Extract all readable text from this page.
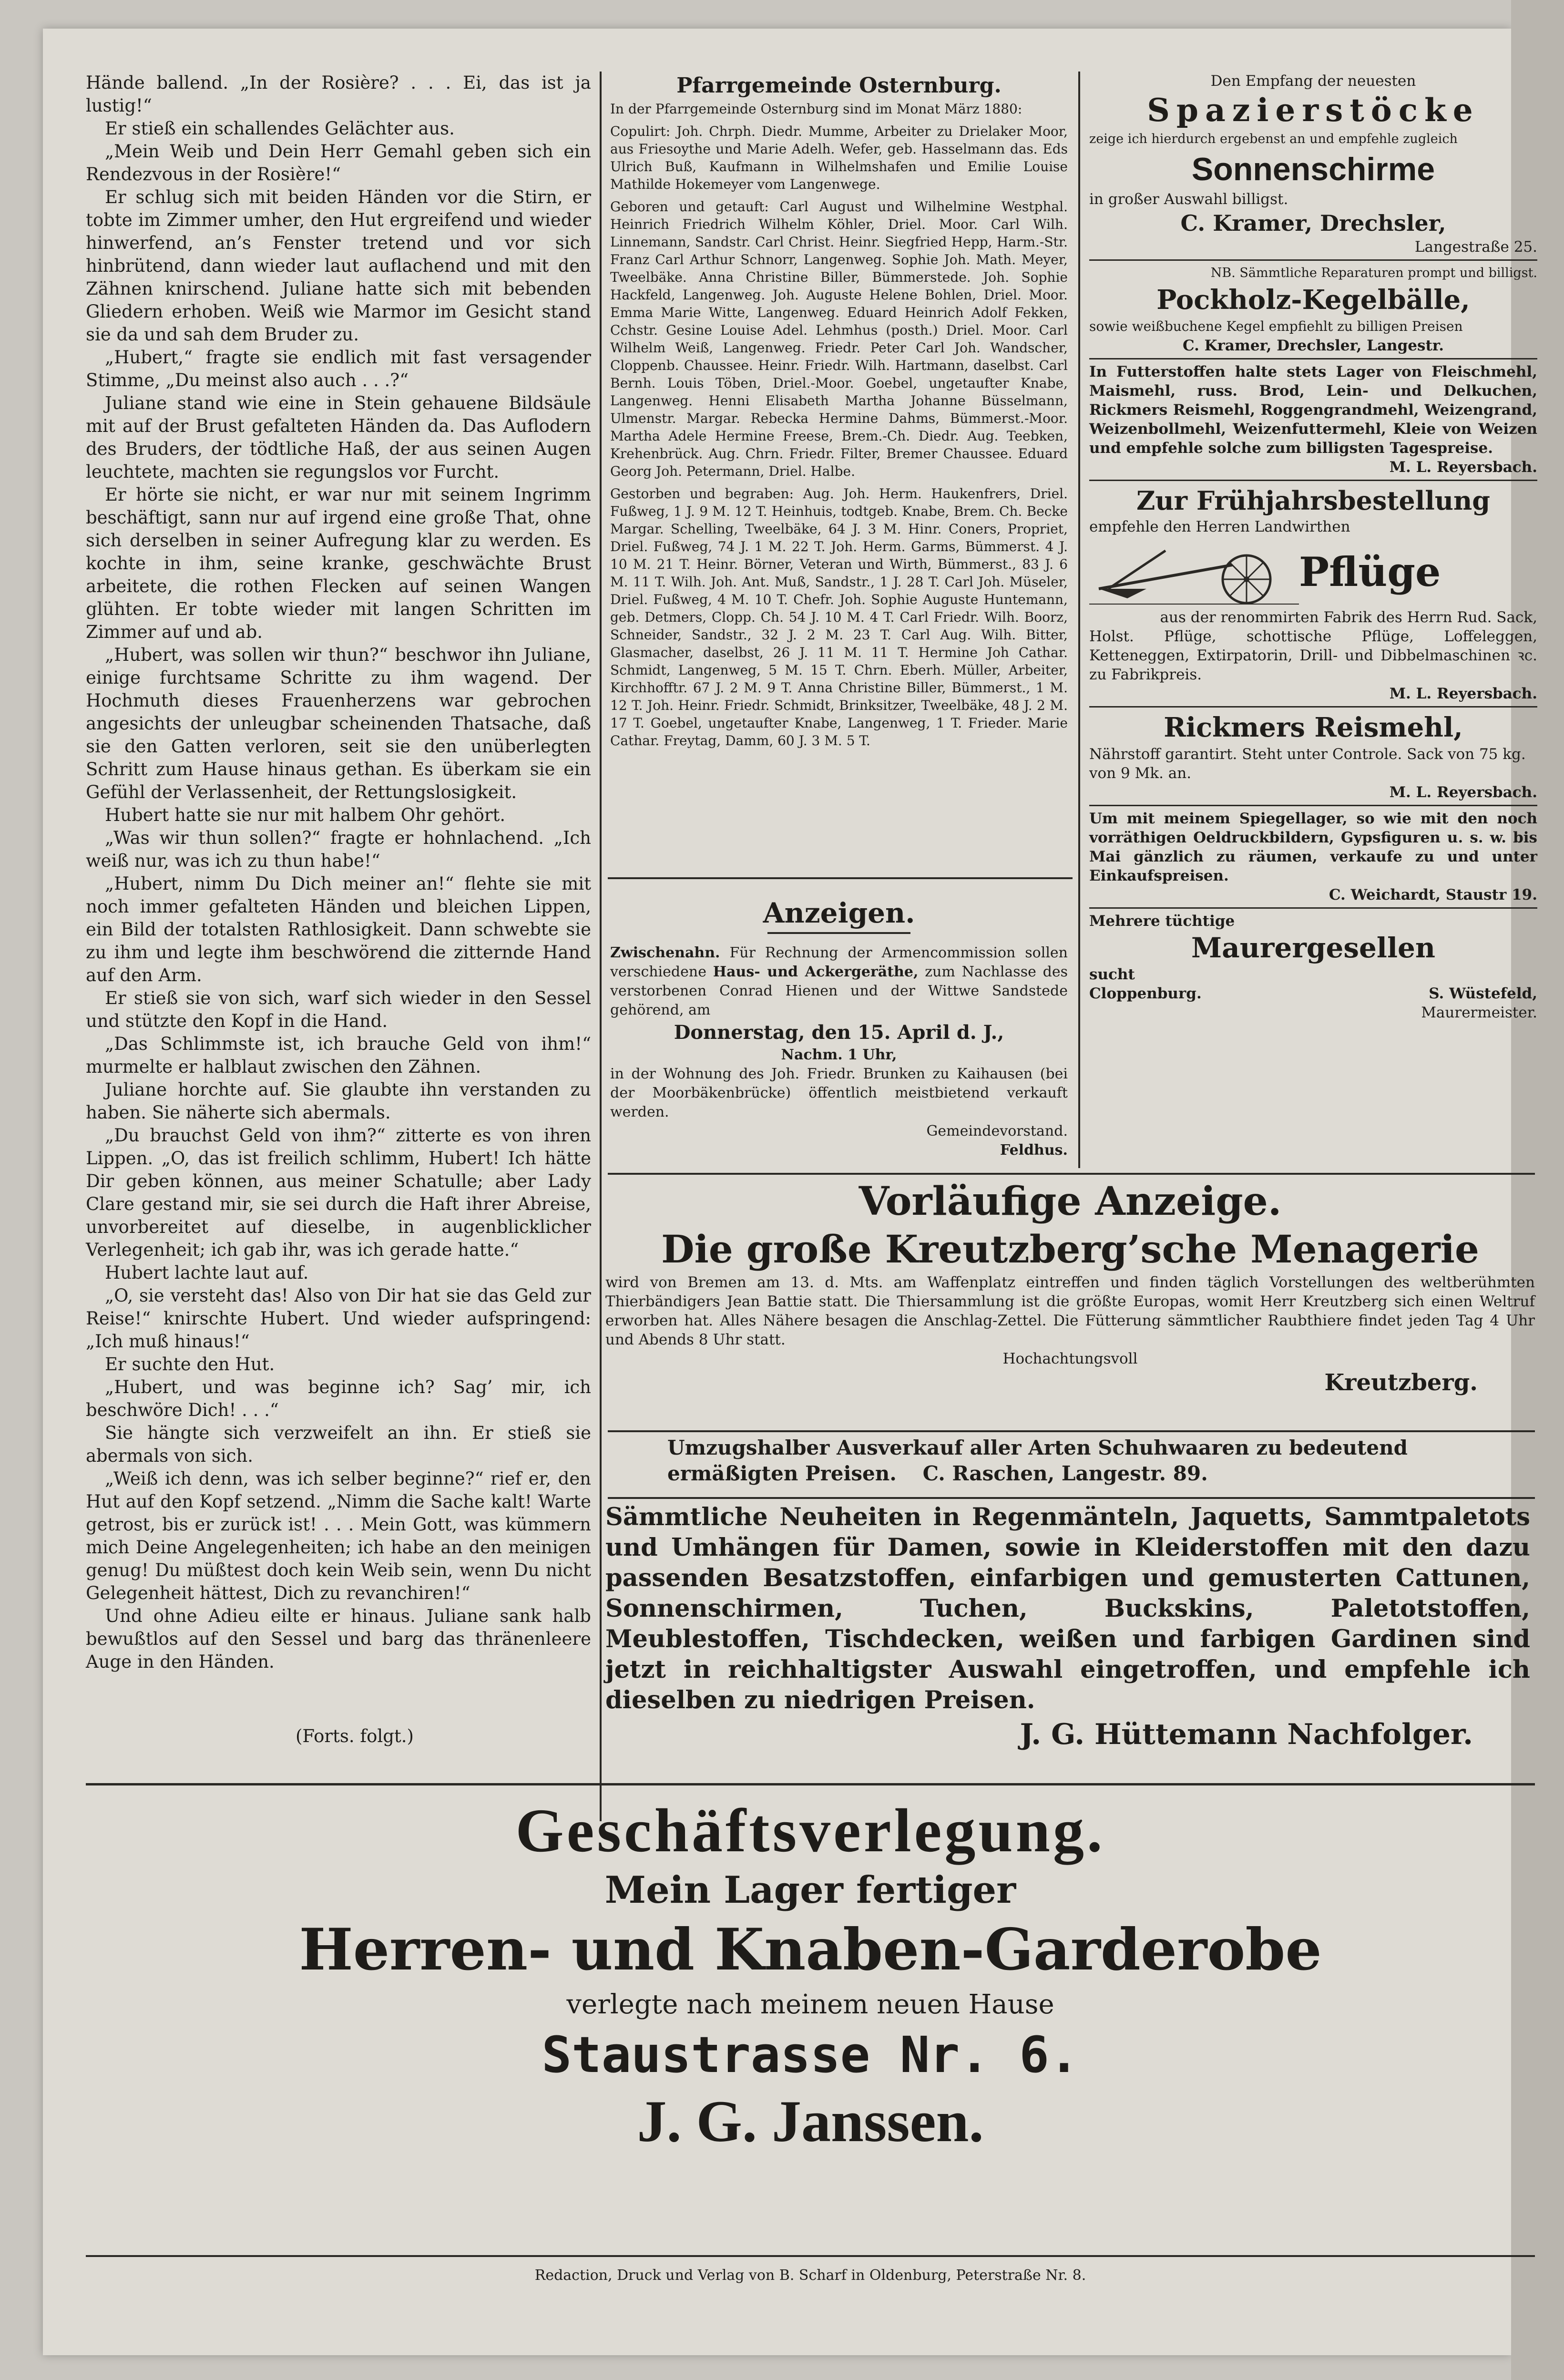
Hände ballend. „In der Rosière? . . . Ei, das ist ja lustig!“

Er stieß ein schallendes Gelächter aus.

„Mein Weib und Dein Herr Gemahl geben sich ein Rendezvous in der Rosière!“

Er schlug sich mit beiden Händen vor die Stirn, er tobte im Zimmer umher, den Hut ergreifend und wieder hinwerfend, an’s Fenster tretend und vor sich hinbrütend, dann wieder laut auflachend und mit den Zähnen knirschend. Juliane hatte sich mit bebenden Gliedern erhoben. Weiß wie Marmor im Gesicht stand sie da und sah dem Bruder zu.

„Hubert,“ fragte sie endlich mit fast versagender Stimme, „Du meinst also auch . . .?“

Juliane stand wie eine in Stein gehauene Bildsäule mit auf der Brust gefalteten Händen da. Das Auflodern des Bruders, der tödtliche Haß, der aus seinen Augen leuchtete, machten sie regungslos vor Furcht.

Er hörte sie nicht, er war nur mit seinem Ingrimm beschäftigt, sann nur auf irgend eine große That, ohne sich derselben in seiner Aufregung klar zu werden. Es kochte in ihm, seine kranke, geschwächte Brust arbeitete, die rothen Flecken auf seinen Wangen glühten. Er tobte wieder mit langen Schritten im Zimmer auf und ab.

„Hubert, was sollen wir thun?“ beschwor ihn Juliane, einige furchtsame Schritte zu ihm wagend. Der Hochmuth dieses Frauenherzens war gebrochen angesichts der unleugbar scheinenden Thatsache, daß sie den Gatten verloren, seit sie den unüberlegten Schritt zum Hause hinaus gethan. Es überkam sie ein Gefühl der Verlassenheit, der Rettungslosigkeit.

Hubert hatte sie nur mit halbem Ohr gehört.

„Was wir thun sollen?“ fragte er hohnlachend. „Ich weiß nur, was ich zu thun habe!“

„Hubert, nimm Du Dich meiner an!“ flehte sie mit noch immer gefalteten Händen und bleichen Lippen, ein Bild der totalsten Rathlosigkeit. Dann schwebte sie zu ihm und legte ihm beschwörend die zitternde Hand auf den Arm.

Er stieß sie von sich, warf sich wieder in den Sessel und stützte den Kopf in die Hand.

„Das Schlimmste ist, ich brauche Geld von ihm!“ murmelte er halblaut zwischen den Zähnen.

Juliane horchte auf. Sie glaubte ihn verstanden zu haben. Sie näherte sich abermals.

„Du brauchst Geld von ihm?“ zitterte es von ihren Lippen. „O, das ist freilich schlimm, Hubert! Ich hätte Dir geben können, aus meiner Schatulle; aber Lady Clare gestand mir, sie sei durch die Haft ihrer Abreise, unvorbereitet auf dieselbe, in augenblicklicher Verlegenheit; ich gab ihr, was ich gerade hatte.“

Hubert lachte laut auf.

„O, sie versteht das! Also von Dir hat sie das Geld zur Reise!“ knirschte Hubert. Und wieder aufspringend: „Ich muß hinaus!“

Er suchte den Hut.

„Hubert, und was beginne ich? Sag’ mir, ich beschwöre Dich! . . .“

Sie hängte sich verzweifelt an ihn. Er stieß sie abermals von sich.

„Weiß ich denn, was ich selber beginne?“ rief er, den Hut auf den Kopf setzend. „Nimm die Sache kalt! Warte getrost, bis er zurück ist! . . . Mein Gott, was kümmern mich Deine Angelegenheiten; ich habe an den meinigen genug! Du müßtest doch kein Weib sein, wenn Du nicht Gelegenheit hättest, Dich zu revanchiren!“

Und ohne Adieu eilte er hinaus. Juliane sank halb bewußtlos auf den Sessel und barg das thränenleere Auge in den Händen.

(Forts. folgt.)
Pfarrgemeinde Osternburg.

In der Pfarrgemeinde Osternburg sind im Monat März 1880:

Copulirt: Joh. Chrph. Diedr. Mumme, Arbeiter zu Drielaker Moor, aus Friesoythe und Marie Adelh. Wefer, geb. Hasselmann das. Eds Ulrich Buß, Kaufmann in Wilhelmshafen und Emilie Louise Mathilde Hokemeyer vom Langenwege.

Geboren und getauft: Carl August und Wilhelmine Westphal. Heinrich Friedrich Wilhelm Köhler, Driel. Moor. Carl Wilh. Linnemann, Sandstr. Carl Christ. Heinr. Siegfried Hepp, Harm.-Str. Franz Carl Arthur Schnorr, Langenweg. Sophie Joh. Math. Meyer, Tweelbäke. Anna Christine Biller, Bümmerstede. Joh. Sophie Hackfeld, Langenweg. Joh. Auguste Helene Bohlen, Driel. Moor. Emma Marie Witte, Langenweg. Eduard Heinrich Adolf Fekken, Cchstr. Gesine Louise Adel. Lehmhus (posth.) Driel. Moor. Carl Wilhelm Weiß, Langenweg. Friedr. Peter Carl Joh. Wandscher, Cloppenb. Chaussee. Heinr. Friedr. Wilh. Hartmann, daselbst. Carl Bernh. Louis Töben, Driel.-Moor. Goebel, ungetaufter Knabe, Langenweg. Henni Elisabeth Martha Johanne Büsselmann, Ulmenstr. Margar. Rebecka Hermine Dahms, Bümmerst.-Moor. Martha Adele Hermine Freese, Brem.-Ch. Diedr. Aug. Teebken, Krehenbrück. Aug. Chrn. Friedr. Filter, Bremer Chaussee. Eduard Georg Joh. Petermann, Driel. Halbe.

Gestorben und begraben: Aug. Joh. Herm. Haukenfrers, Driel. Fußweg, 1 J. 9 M. 12 T. Heinhuis, todtgeb. Knabe, Brem. Ch. Becke Margar. Schelling, Tweelbäke, 64 J. 3 M. Hinr. Coners, Propriet, Driel. Fußweg, 74 J. 1 M. 22 T. Joh. Herm. Garms, Bümmerst. 4 J. 10 M. 21 T. Heinr. Börner, Veteran und Wirth, Bümmerst., 83 J. 6 M. 11 T. Wilh. Joh. Ant. Muß, Sandstr., 1 J. 28 T. Carl Joh. Müseler, Driel. Fußweg, 4 M. 10 T. Chefr. Joh. Sophie Auguste Huntemann, geb. Detmers, Clopp. Ch. 54 J. 10 M. 4 T. Carl Friedr. Wilh. Boorz, Schneider, Sandstr., 32 J. 2 M. 23 T. Carl Aug. Wilh. Bitter, Glasmacher, daselbst, 26 J. 11 M. 11 T. Hermine Joh Cathar. Schmidt, Langenweg, 5 M. 15 T. Chrn. Eberh. Müller, Arbeiter, Kirchhofftr. 67 J. 2 M. 9 T. Anna Christine Biller, Bümmerst., 1 M. 12 T. Joh. Heinr. Friedr. Schmidt, Brinksitzer, Tweelbäke, 48 J. 2 M. 17 T. Goebel, ungetaufter Knabe, Langenweg, 1 T. Frieder. Marie Cathar. Freytag, Damm, 60 J. 3 M. 5 T.

Anzeigen.

Zwischenahn. Für Rechnung der Armencommission sollen verschiedene Haus- und Ackergeräthe, zum Nachlasse des verstorbenen Conrad Hienen und der Wittwe Sandstede gehörend, am

Donnerstag, den 15. April d. J.,
Nachm. 1 Uhr,

in der Wohnung des Joh. Friedr. Brunken zu Kaihausen (bei der Moorbäkenbrücke) öffentlich meistbietend verkauft werden.

Gemeindevorstand.
Feldhus.
Den Empfang der neuesten
Spazierstöcke
zeige ich hierdurch ergebenst an und empfehle zugleich
Sonnenschirme
in großer Auswahl billigst.
C. Kramer, Drechsler,
Langestraße 25.
NB. Sämmtliche Reparaturen prompt und billigst.
Pockholz-Kegelbälle,
sowie weißbuchene Kegel empfiehlt zu billigen Preisen
C. Kramer, Drechsler, Langestr.
In Futterstoffen halte stets Lager von Fleischmehl, Maismehl, russ. Brod, Lein- und Delkuchen, Rickmers Reismehl, Roggengrandmehl, Weizengrand, Weizenbollmehl, Weizenfuttermehl, Kleie von Weizen und empfehle solche zum billigsten Tagespreise.
M. L. Reyersbach.
Zur Frühjahrsbestellung
empfehle den Herren Landwirthen
Pflüge
aus der renommirten Fabrik des Herrn Rud. Sack,
Holst. Pflüge, schottische Pflüge, Loffeleggen, Ketteneggen, Extirpatorin, Drill- und Dibbelmaschinen ꝛc. zu Fabrikpreis.
M. L. Reyersbach.
Rickmers Reismehl,
Nährstoff garantirt. Steht unter Controle. Sack von 75 kg. von 9 Mk. an.
M. L. Reyersbach.
Um mit meinem Spiegellager, so wie mit den noch vorräthigen Oeldruckbildern, Gypsfiguren u. s. w. bis Mai gänzlich zu räumen, verkaufe zu und unter Einkaufspreisen.
C. Weichardt, Staustr 19.
Mehrere tüchtige
Maurergesellen
sucht
Cloppenburg.	S. Wüstefeld,
Maurermeister.
Vorläufige Anzeige.
Die große Kreutzberg’sche Menagerie
wird von Bremen am 13. d. Mts. am Waffenplatz eintreffen und finden täglich Vorstellungen des weltberühmten Thierbändigers Jean Battie statt. Die Thiersammlung ist die größte Europas, womit Herr Kreutzberg sich einen Weltruf erworben hat. Alles Nähere besagen die Anschlag-Zettel. Die Fütterung sämmtlicher Raubthiere findet jeden Tag 4 Uhr und Abends 8 Uhr statt.
Hochachtungsvoll
Kreutzberg.
Umzugshalber Ausverkauf aller Arten Schuhwaaren zu bedeutend ermäßigten Preisen. C. Raschen, Langestr. 89.
Sämmtliche Neuheiten in Regenmänteln, Jaquetts, Sammtpaletots und Umhängen für Damen, sowie in Kleiderstoffen mit den dazu passenden Besatzstoffen, einfarbigen und gemusterten Cattunen, Sonnenschirmen, Tuchen, Buckskins, Paletotstoffen, Meublestoffen, Tischdecken, weißen und farbigen Gardinen sind jetzt in reichhaltigster Auswahl eingetroffen, und empfehle ich dieselben zu niedrigen Preisen.
J. G. Hüttemann Nachfolger.
Geschäftsverlegung.
Mein Lager fertiger
Herren- und Knaben-Garderobe
verlegte nach meinem neuen Hause
Staustrasse Nr. 6.
J. G. Janssen.
Redaction, Druck und Verlag von B. Scharf in Oldenburg, Peterstraße Nr. 8.
